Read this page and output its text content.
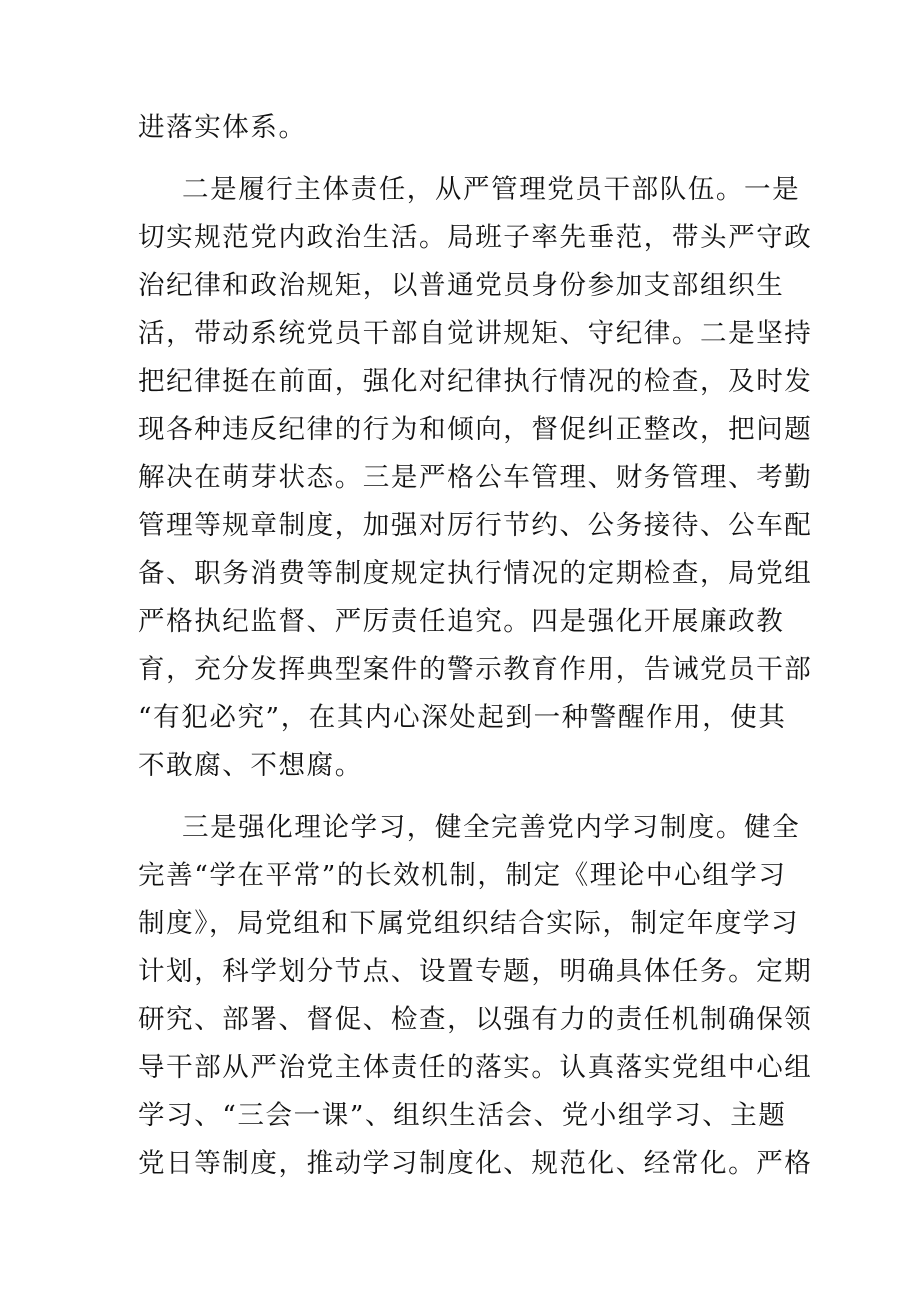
进落实体系。
二是履行主体责任，从严管理党员干部队伍。一是
切实规范党内政治生活。局班子率先垂范，带头严守政
治纪律和政治规矩，以普通党员身份参加支部组织生
活，带动系统党员干部自觉讲规矩、守纪律。二是坚持
把纪律挺在前面，强化对纪律执行情况的检查，及时发
现各种违反纪律的行为和倾向，督促纠正整改，把问题
解决在萌芽状态。三是严格公车管理、财务管理、考勤
管理等规章制度，加强对厉行节约、公务接待、公车配
备、职务消费等制度规定执行情况的定期检查，局党组
严格执纪监督、严厉责任追究。四是强化开展廉政教
育，充分发挥典型案件的警示教育作用，告诫党员干部
“有犯必究”，在其内心深处起到一种警醒作用，使其
不敢腐、不想腐。
三是强化理论学习，健全完善党内学习制度。健全
完善“学在平常”的长效机制，制定《理论中心组学习
制度》，局党组和下属党组织结合实际，制定年度学习
计划，科学划分节点、设置专题，明确具体任务。定期
研究、部署、督促、检查，以强有力的责任机制确保领
导干部从严治党主体责任的落实。认真落实党组中心组
学习、“三会一课”、组织生活会、党小组学习、主题
党日等制度，推动学习制度化、规范化、经常化。严格
